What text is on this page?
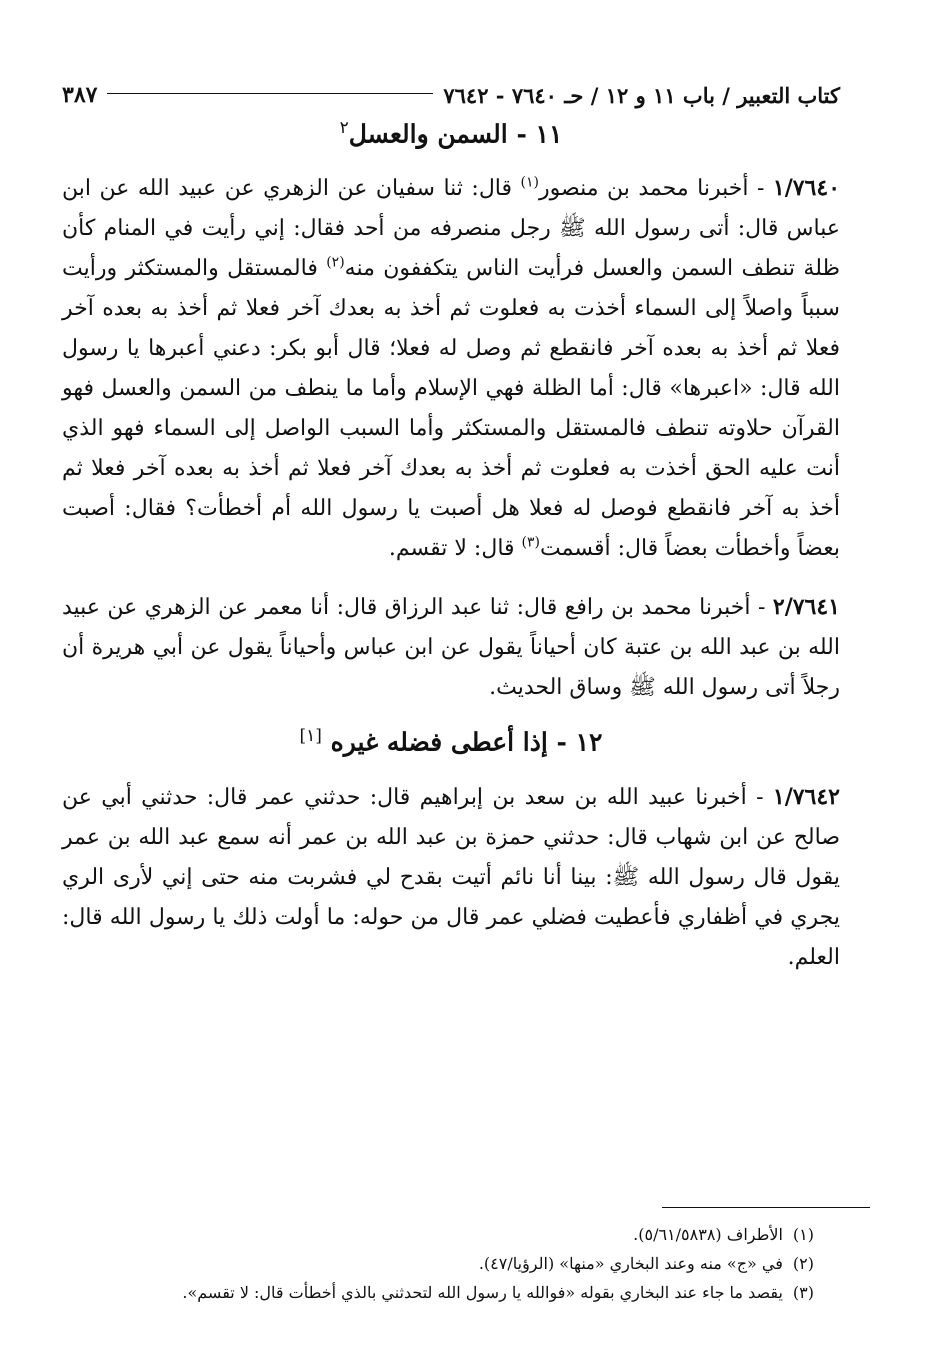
كتاب التعبير / باب ١١ و ١٢ / حـ ٧٦٤٠ - ٧٦٤٢
٣٨٧
١١ - السمن والعسل$^٢$

١/٧٦٤٠ - أخبرنا محمد بن منصور$^{(١)}$ قال: ثنا سفيان عن الزهري عن عبيد الله عن ابن عباس قال: أتى رسول الله ﷺ رجل منصرفه من أحد فقال: إني رأيت في المنام كأن ظلة تنطف السمن والعسل فرأيت الناس يتكففون منه$^{(٢)}$ فالمستقل والمستكثر ورأيت سبباً واصلاً إلى السماء أخذت به فعلوت ثم أخذ به بعدك آخر فعلا ثم أخذ به بعده آخر فعلا ثم أخذ به بعده آخر فانقطع ثم وصل له فعلا؛ قال أبو بكر: دعني أعبرها يا رسول الله قال: «اعبرها» قال: أما الظلة فهي الإسلام وأما ما ينطف من السمن والعسل فهو القرآن حلاوته تنطف فالمستقل والمستكثر وأما السبب الواصل إلى السماء فهو الذي أنت عليه الحق أخذت به فعلوت ثم أخذ به بعدك آخر فعلا ثم أخذ به بعده آخر فعلا ثم أخذ به آخر فانقطع فوصل له فعلا هل أصبت يا رسول الله أم أخطأت؟ فقال: أصبت بعضاً وأخطأت بعضاً قال: أقسمت$^{(٣)}$ قال: لا تقسم.

٢/٧٦٤١ - أخبرنا محمد بن رافع قال: ثنا عبد الرزاق قال: أنا معمر عن الزهري عن عبيد الله بن عبد الله بن عتبة كان أحياناً يقول عن ابن عباس وأحياناً يقول عن أبي هريرة أن رجلاً أتى رسول الله ﷺ وساق الحديث.

١٢ - إذا أعطى فضله غيره [١]

١/٧٦٤٢ - أخبرنا عبيد الله بن سعد بن إبراهيم قال: حدثني عمر قال: حدثني أبي عن صالح عن ابن شهاب قال: حدثني حمزة بن عبد الله بن عمر أنه سمع عبد الله بن عمر يقول قال رسول الله ﷺ: بينا أنا نائم أتيت بقدح لي فشربت منه حتى إني لأرى الري يجري في أظفاري فأعطيت فضلي عمر قال من حوله: ما أولت ذلك يا رسول الله قال: العلم.

(١)الأطراف (٥/٦١/٥٨٣٨).
(٢)في «ج» منه وعند البخاري «منها» (الرؤيا/٤٧).
(٣)يقصد ما جاء عند البخاري بقوله «فوالله يا رسول الله لتحدثني بالذي أخطأت قال: لا تقسم».
